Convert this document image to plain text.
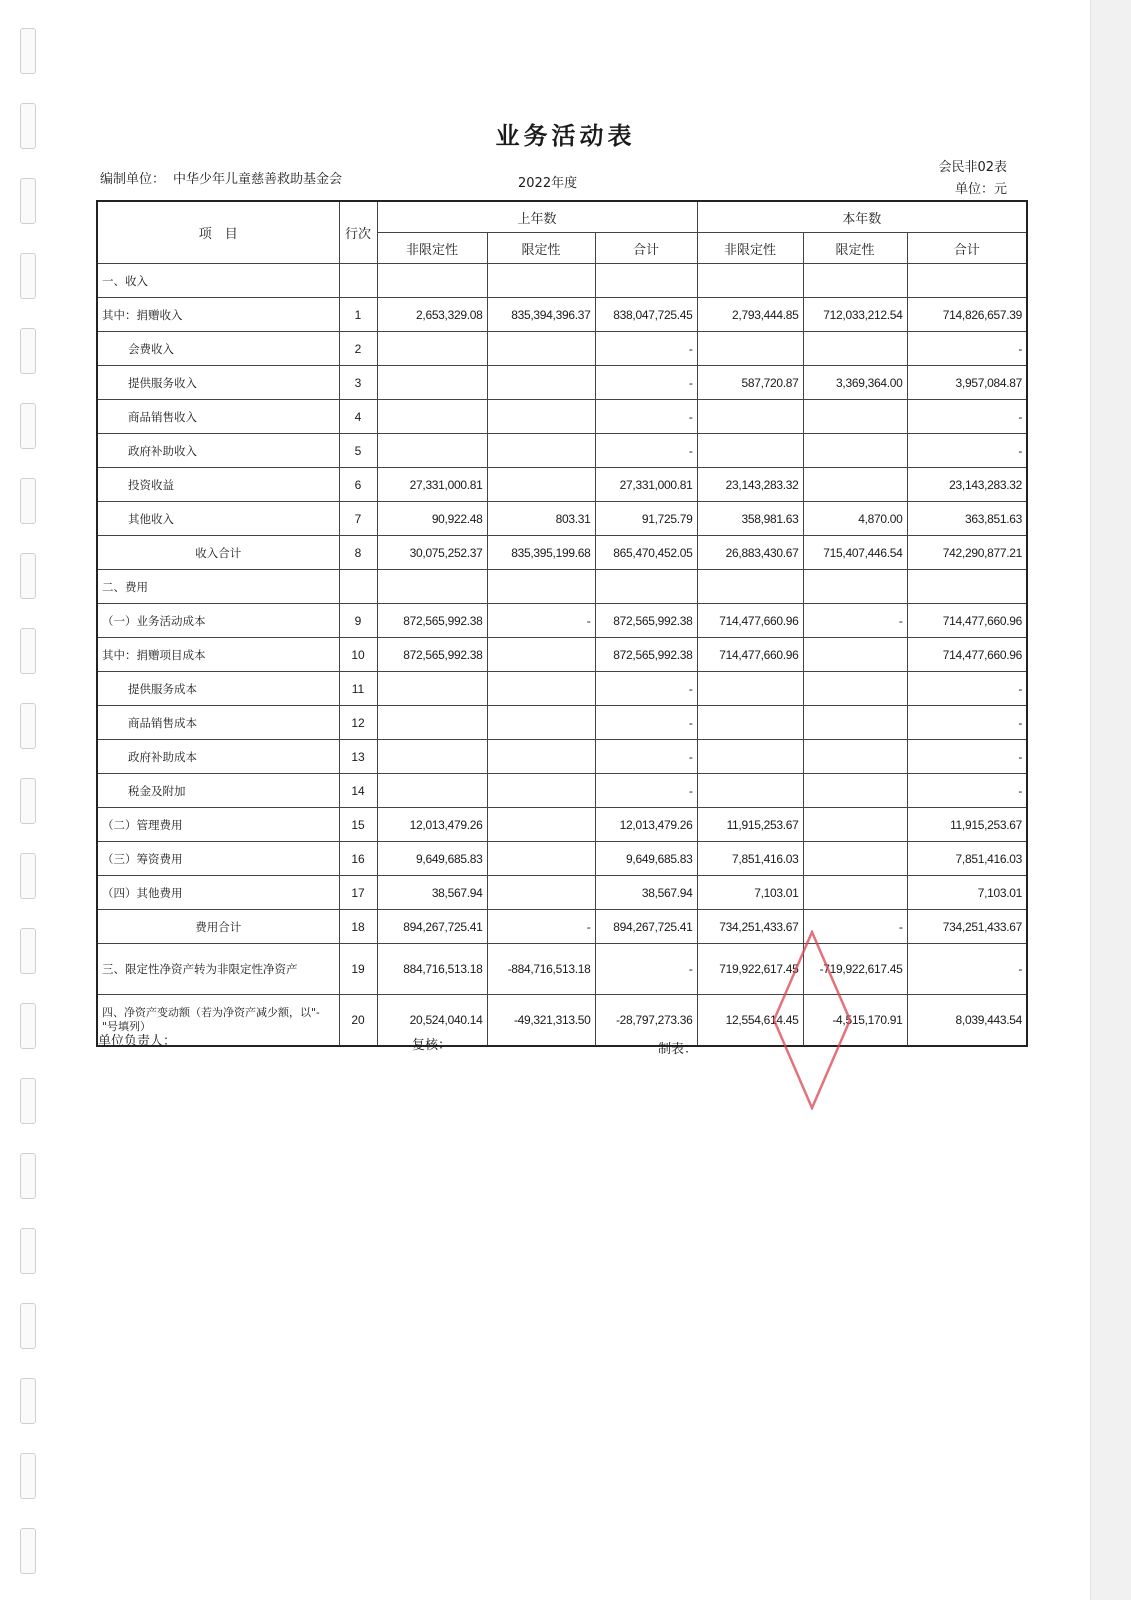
业务活动表
编制单位： 中华少年儿童慈善救助基金会	2022年度
会民非02表
单位：元
项　目	行次	上年数			本年数		
		非限定性	限定性	合计	非限定性	限定性	合计
一、收入							
其中：捐赠收入	1	2,653,329.08	835,394,396.37	838,047,725.45	2,793,444.85	712,033,212.54	714,826,657.39
会费收入	2			-			-
提供服务收入	3			-	587,720.87	3,369,364.00	3,957,084.87
商品销售收入	4			-			-
政府补助收入	5			-			-
投资收益	6	27,331,000.81		27,331,000.81	23,143,283.32		23,143,283.32
其他收入	7	90,922.48	803.31	91,725.79	358,981.63	4,870.00	363,851.63
收入合计	8	30,075,252.37	835,395,199.68	865,470,452.05	26,883,430.67	715,407,446.54	742,290,877.21
二、费用							
（一）业务活动成本	9	872,565,992.38	-	872,565,992.38	714,477,660.96	-	714,477,660.96
其中：捐赠项目成本	10	872,565,992.38		872,565,992.38	714,477,660.96		714,477,660.96
提供服务成本	11			-			-
商品销售成本	12			-			-
政府补助成本	13			-			-
税金及附加	14			-			-
（二）管理费用	15	12,013,479.26		12,013,479.26	11,915,253.67		11,915,253.67
（三）筹资费用	16	9,649,685.83		9,649,685.83	7,851,416.03		7,851,416.03
（四）其他费用	17	38,567.94		38,567.94	7,103.01		7,103.01
费用合计	18	894,267,725.41	-	894,267,725.41	734,251,433.67	-	734,251,433.67
三、限定性净资产转为非限定性净资产	19	884,716,513.18	-884,716,513.18	-	719,922,617.45	-719,922,617.45	-
四、净资产变动额（若为净资产减少额，以"-"号填列）	20	20,524,040.14	-49,321,313.50	-28,797,273.36	12,554,614.45	-4,515,170.91	8,039,443.54
单位负责人：	复核：	制表：
